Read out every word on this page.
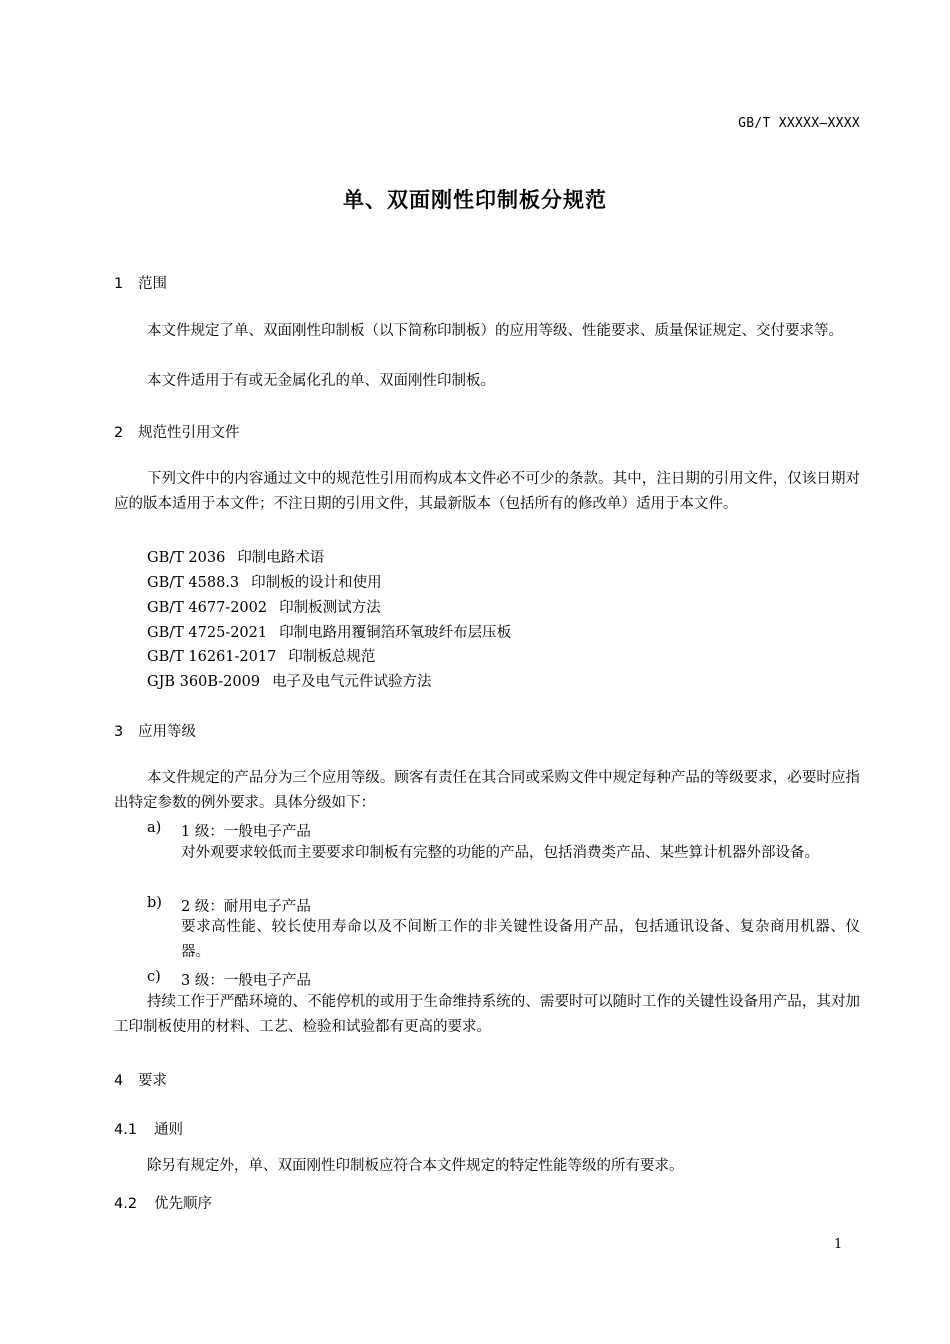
GB/T XXXXX—XXXX
单、双面刚性印制板分规范
1 范围
本文件规定了单、双面刚性印制板（以下简称印制板）的应用等级、性能要求、质量保证规定、交付要求等。
本文件适用于有或无金属化孔的单、双面刚性印制板。
2 规范性引用文件
下列文件中的内容通过文中的规范性引用而构成本文件必不可少的条款。其中，注日期的引用文件，仅该日期对应的版本适用于本文件；不注日期的引用文件，其最新版本（包括所有的修改单）适用于本文件。
GB/T 2036 印制电路术语
GB/T 4588.3 印制板的设计和使用
GB/T 4677-2002 印制板测试方法
GB/T 4725-2021 印制电路用覆铜箔环氧玻纤布层压板
GB/T 16261-2017 印制板总规范
GJB 360B-2009 电子及电气元件试验方法
3 应用等级
本文件规定的产品分为三个应用等级。顾客有责任在其合同或采购文件中规定每种产品的等级要求，必要时应指出特定参数的例外要求。具体分级如下：
a) 1 级：一般电子产品
对外观要求较低而主要要求印制板有完整的功能的产品，包括消费类产品、某些算计机器外部设备。
b) 2 级：耐用电子产品
要求高性能、较长使用寿命以及不间断工作的非关键性设备用产品，包括通讯设备、复杂商用机器、仪器。
c) 3 级：一般电子产品
持续工作于严酷环境的、不能停机的或用于生命维持系统的、需要时可以随时工作的关键性设备用产品，其对加工印制板使用的材料、工艺、检验和试验都有更高的要求。
4 要求
4.1 通则
除另有规定外，单、双面刚性印制板应符合本文件规定的特定性能等级的所有要求。
4.2 优先顺序
1
